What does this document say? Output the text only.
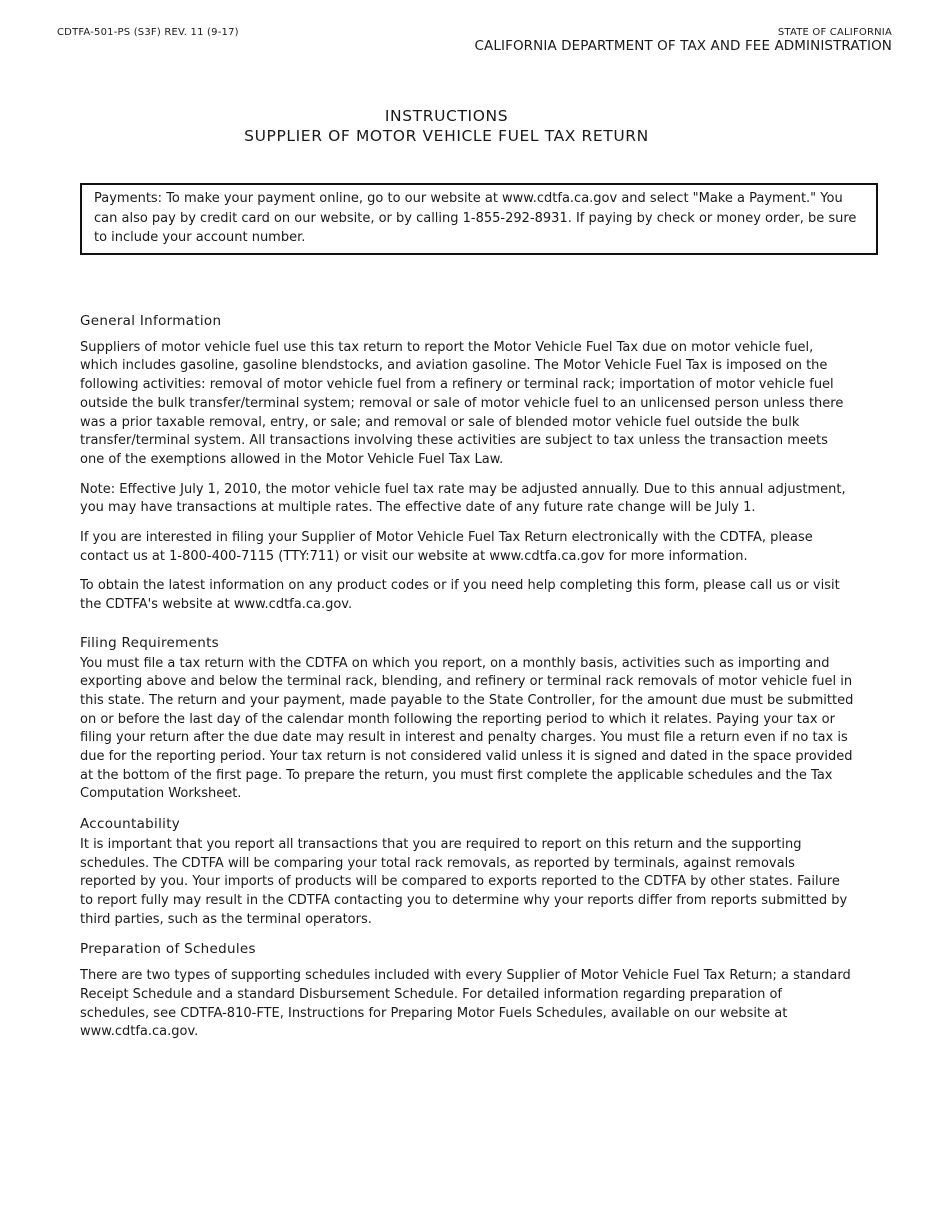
CDTFA-501-PS (S3F) REV. 11 (9-17)	STATE OF CALIFORNIA
CALIFORNIA DEPARTMENT OF TAX AND FEE ADMINISTRATION
INSTRUCTIONS
SUPPLIER OF MOTOR VEHICLE FUEL TAX RETURN
Payments: To make your payment online, go to our website at www.cdtfa.ca.gov and select "Make a Payment." You can also pay by credit card on our website, or by calling 1-855-292-8931. If paying by check or money order, be sure to include your account number.
General Information

Suppliers of motor vehicle fuel use this tax return to report the Motor Vehicle Fuel Tax due on motor vehicle fuel, which includes gasoline, gasoline blendstocks, and aviation gasoline. The Motor Vehicle Fuel Tax is imposed on the following activities: removal of motor vehicle fuel from a refinery or terminal rack; importation of motor vehicle fuel outside the bulk transfer/terminal system; removal or sale of motor vehicle fuel to an unlicensed person unless there was a prior taxable removal, entry, or sale; and removal or sale of blended motor vehicle fuel outside the bulk transfer/terminal system. All transactions involving these activities are subject to tax unless the transaction meets one of the exemptions allowed in the Motor Vehicle Fuel Tax Law.

Note: Effective July 1, 2010, the motor vehicle fuel tax rate may be adjusted annually. Due to this annual adjustment, you may have transactions at multiple rates. The effective date of any future rate change will be July 1.

If you are interested in filing your Supplier of Motor Vehicle Fuel Tax Return electronically with the CDTFA, please contact us at 1-800-400-7115 (TTY:711) or visit our website at www.cdtfa.ca.gov for more information.

To obtain the latest information on any product codes or if you need help completing this form, please call us or visit the CDTFA's website at www.cdtfa.ca.gov.

Filing Requirements

You must file a tax return with the CDTFA on which you report, on a monthly basis, activities such as importing and exporting above and below the terminal rack, blending, and refinery or terminal rack removals of motor vehicle fuel in this state. The return and your payment, made payable to the State Controller, for the amount due must be submitted on or before the last day of the calendar month following the reporting period to which it relates. Paying your tax or filing your return after the due date may result in interest and penalty charges. You must file a return even if no tax is due for the reporting period. Your tax return is not considered valid unless it is signed and dated in the space provided at the bottom of the first page. To prepare the return, you must first complete the applicable schedules and the Tax Computation Worksheet.

Accountability

It is important that you report all transactions that you are required to report on this return and the supporting schedules. The CDTFA will be comparing your total rack removals, as reported by terminals, against removals reported by you. Your imports of products will be compared to exports reported to the CDTFA by other states. Failure to report fully may result in the CDTFA contacting you to determine why your reports differ from reports submitted by third parties, such as the terminal operators.

Preparation of Schedules

There are two types of supporting schedules included with every Supplier of Motor Vehicle Fuel Tax Return; a standard Receipt Schedule and a standard Disbursement Schedule. For detailed information regarding preparation of schedules, see CDTFA-810-FTE, Instructions for Preparing Motor Fuels Schedules, available on our website at www.cdtfa.ca.gov.
